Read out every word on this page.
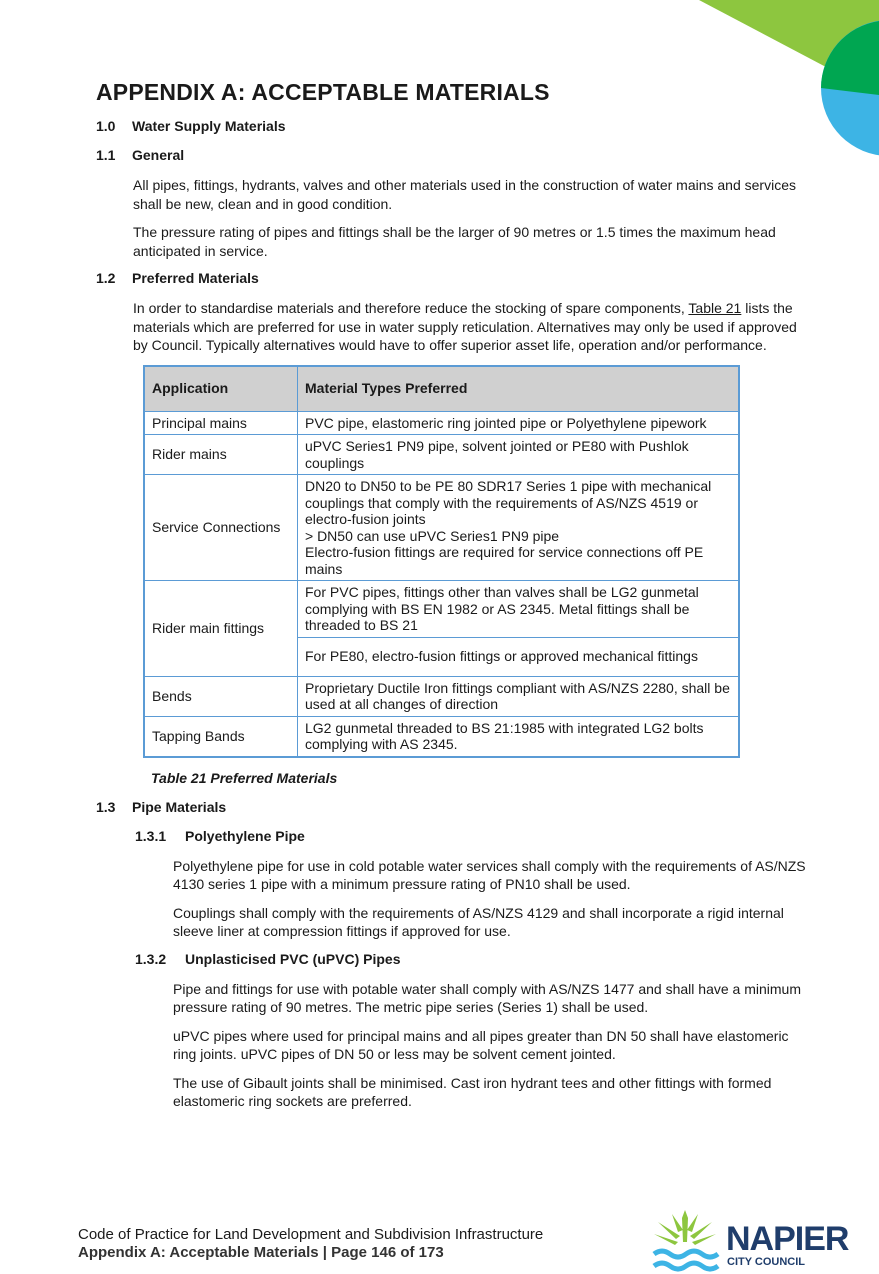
APPENDIX A: ACCEPTABLE MATERIALS
1.0	Water Supply Materials
1.1	General

All pipes, fittings, hydrants, valves and other materials used in the construction of water mains and services shall be new, clean and in good condition.

The pressure rating of pipes and fittings shall be the larger of 90 metres or 1.5 times the maximum head anticipated in service.

1.2	Preferred Materials

In order to standardise materials and therefore reduce the stocking of spare components, Table 21 lists the materials which are preferred for use in water supply reticulation. Alternatives may only be used if approved by Council. Typically alternatives would have to offer superior asset life, operation and/or performance.

Application	Material Types Preferred
Principal mains	PVC pipe, elastomeric ring jointed pipe or Polyethylene pipework
Rider mains	uPVC Series1 PN9 pipe, solvent jointed or PE80 with Pushlok couplings
Service Connections	DN20 to DN50 to be PE 80 SDR17 Series 1 pipe with mechanical couplings that comply with the requirements of AS/NZS 4519 or electro-fusion joints
> DN50 can use uPVC Series1 PN9 pipe
Electro-fusion fittings are required for service connections off PE mains

Rider main fittings	For PVC pipes, fittings other than valves shall be LG2 gunmetal complying with BS EN 1982 or AS 2345. Metal fittings shall be threaded to BS 21
	For PE80, electro-fusion fittings or approved mechanical fittings
Bends	Proprietary Ductile Iron fittings compliant with AS/NZS 2280, shall be used at all changes of direction
Tapping Bands	LG2 gunmetal threaded to BS 21:1985 with integrated LG2 bolts complying with AS 2345.
Table 21 Preferred Materials
1.3	Pipe Materials
1.3.1	Polyethylene Pipe

Polyethylene pipe for use in cold potable water services shall comply with the requirements of AS/NZS 4130 series 1 pipe with a minimum pressure rating of PN10 shall be used.

Couplings shall comply with the requirements of AS/NZS 4129 and shall incorporate a rigid internal sleeve liner at compression fittings if approved for use.

1.3.2	Unplasticised PVC (uPVC) Pipes

Pipe and fittings for use with potable water shall comply with AS/NZS 1477 and shall have a minimum pressure rating of 90 metres. The metric pipe series (Series 1) shall be used.

uPVC pipes where used for principal mains and all pipes greater than DN 50 shall have elastomeric ring joints. uPVC pipes of DN 50 or less may be solvent cement jointed.

The use of Gibault joints shall be minimised. Cast iron hydrant tees and other fittings with formed elastomeric ring sockets are preferred.

Code of Practice for Land Development and Subdivision Infrastructure
Appendix A: Acceptable Materials | Page 146 of 173	NAPIER
CITY COUNCIL
